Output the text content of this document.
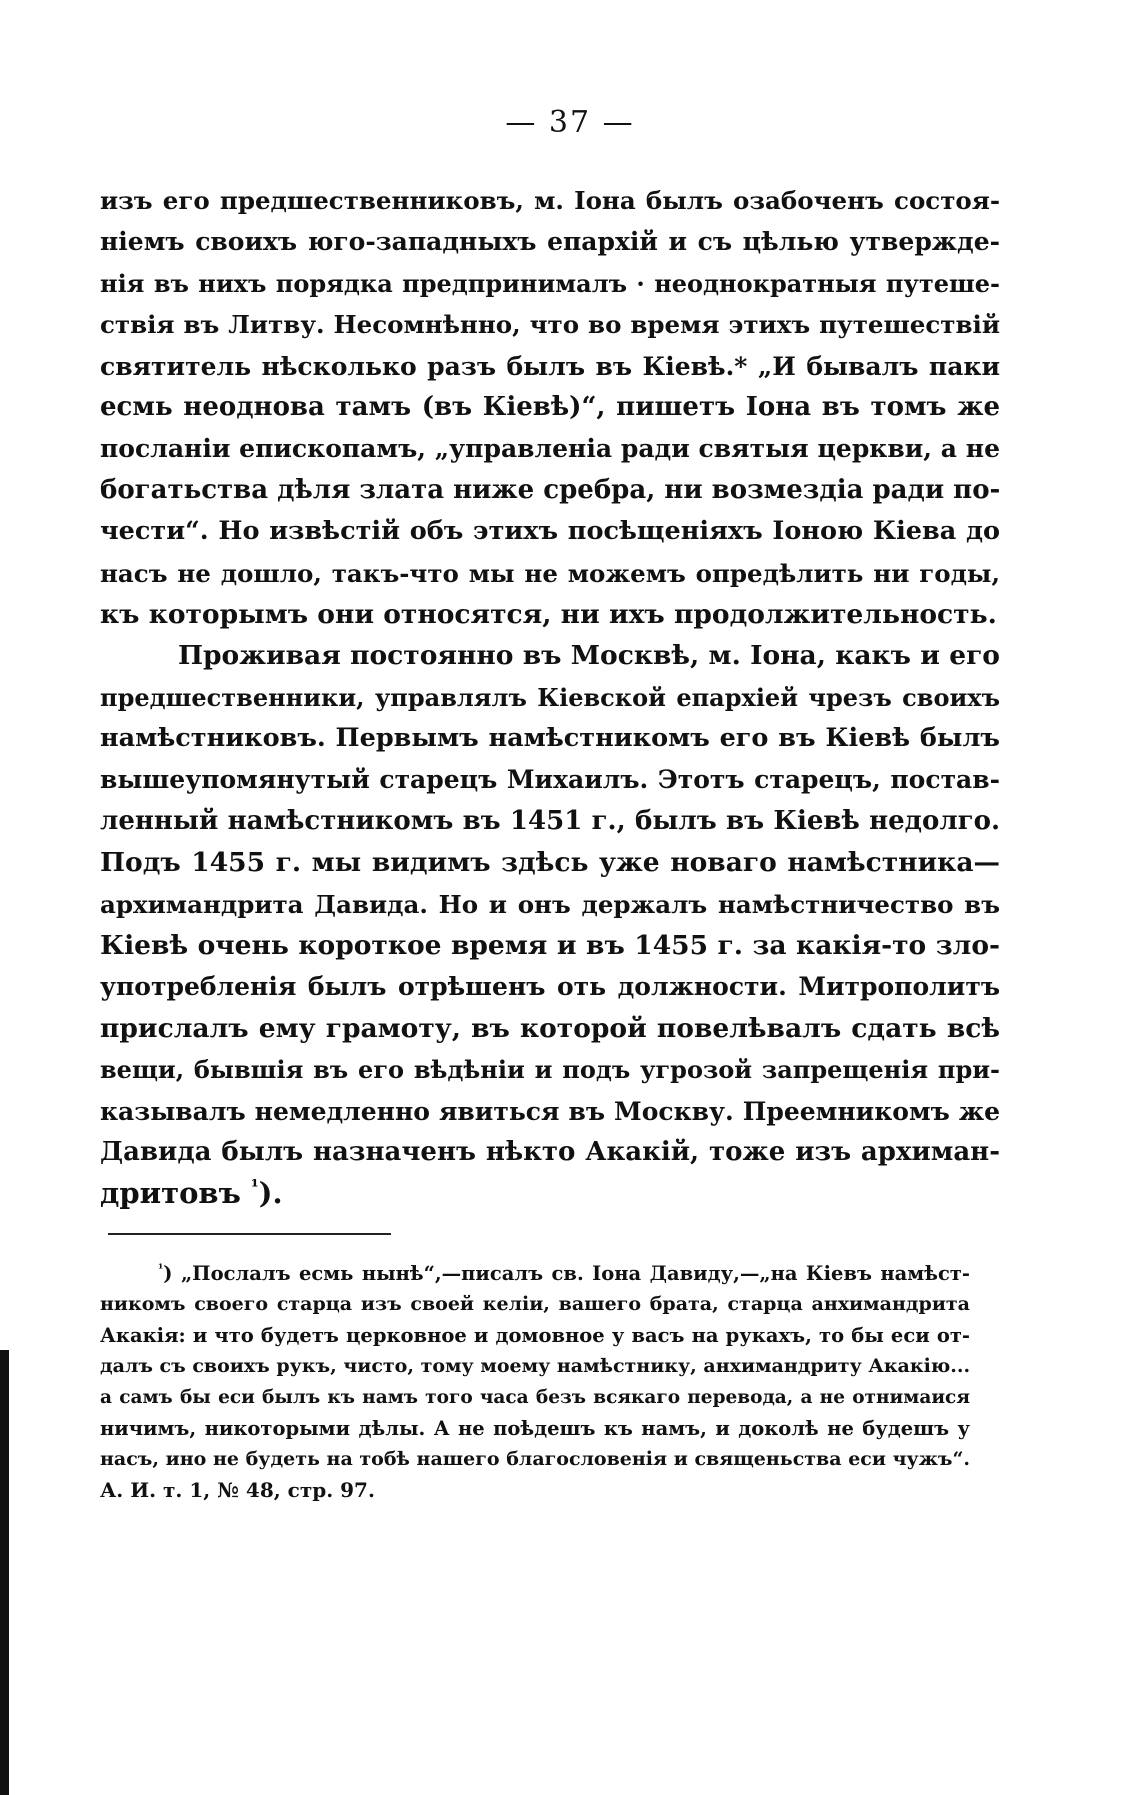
— 37 —
изъ его предшественниковъ, м. Іона былъ озабоченъ состоя-
ніемъ своихъ юго-западныхъ епархій и съ цѣлью утвержде-
нія въ нихъ порядка предпринималъ · неоднократныя путеше-
ствія въ Литву. Несомнѣнно, что во время этихъ путешествій
святитель нѣсколько разъ былъ въ Кіевѣ.* „И бывалъ паки
есмь неоднова тамъ (въ Кіевѣ)“, пишетъ Іона въ томъ же
посланіи епископамъ, „управленіа ради святыя церкви, а не
богатьства дѣля злата ниже сребра, ни возмездіа ради по-
чести“. Но извѣстій объ этихъ посѣщеніяхъ Іоною Кіева до
насъ не дошло, такъ-что мы не можемъ опредѣлить ни годы,
къ которымъ они относятся, ни ихъ продолжительность.
Проживая постоянно въ Москвѣ, м. Іона, какъ и его
предшественники, управлялъ Кіевской епархіей чрезъ своихъ
намѣстниковъ. Первымъ намѣстникомъ его въ Кіевѣ былъ
вышеупомянутый старецъ Михаилъ. Этотъ старецъ, постав-
ленный намѣстникомъ въ 1451 г., былъ въ Кіевѣ недолго.
Подъ 1455 г. мы видимъ здѣсь уже новаго намѣстника—
архимандрита Давида. Но и онъ держалъ намѣстничество въ
Кіевѣ очень короткое время и въ 1455 г. за какія-то зло-
употребленія былъ отрѣшенъ оть должности. Митрополитъ
прислалъ ему грамоту, въ которой повелѣвалъ сдать всѣ
вещи, бывшія въ его вѣдѣніи и подъ угрозой запрещенія при-
казывалъ немедленно явиться въ Москву. Преемникомъ же
Давида былъ назначенъ нѣкто Акакій, тоже изъ архиман-
дритовъ $^{^1}$).
$^{^1}$) „Послалъ есмь нынѣ“,—писалъ св. Іона Давиду,—„на Кіевъ намѣст-
никомъ своего старца изъ своей келіи, вашего брата, старца анхимандрита
Акакія: и что будетъ церковное и домовное у васъ на рукахъ, то бы еси от-
далъ съ своихъ рукъ, чисто, тому моему намѣстнику, анхимандриту Акакію...
а самъ бы еси былъ къ намъ того часа безъ всякаго перевода, а не отнимаися
ничимъ, никоторыми дѣлы. А не поѣдешъ къ намъ, и доколѣ не будешъ у
насъ, ино не будеть на тобѣ нашего благословенія и священьства еси чужъ“.
А. И. т. 1, № 48, стр. 97.
